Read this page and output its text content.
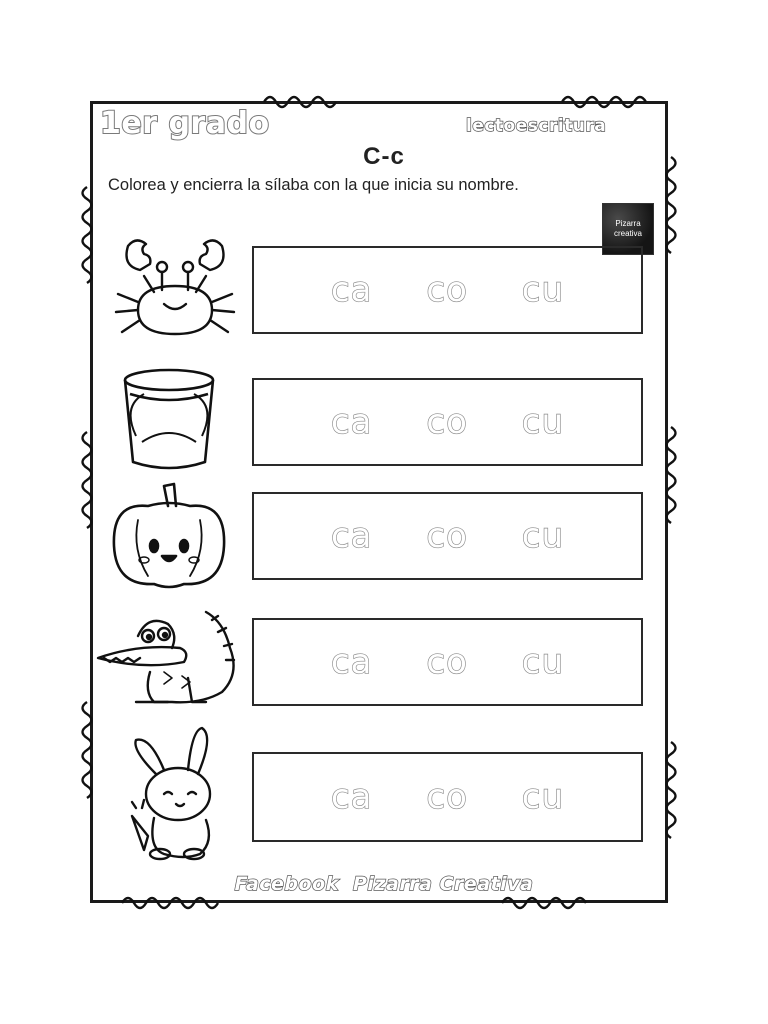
1er grado	lectoescritura
C-c
Colorea y encierra la sílaba con la que inicia su nombre.
Pizarra
creativa
ca co cu
ca co cu
ca co cu
ca co cu
ca co cu
Facebook  Pizarra Creativa
